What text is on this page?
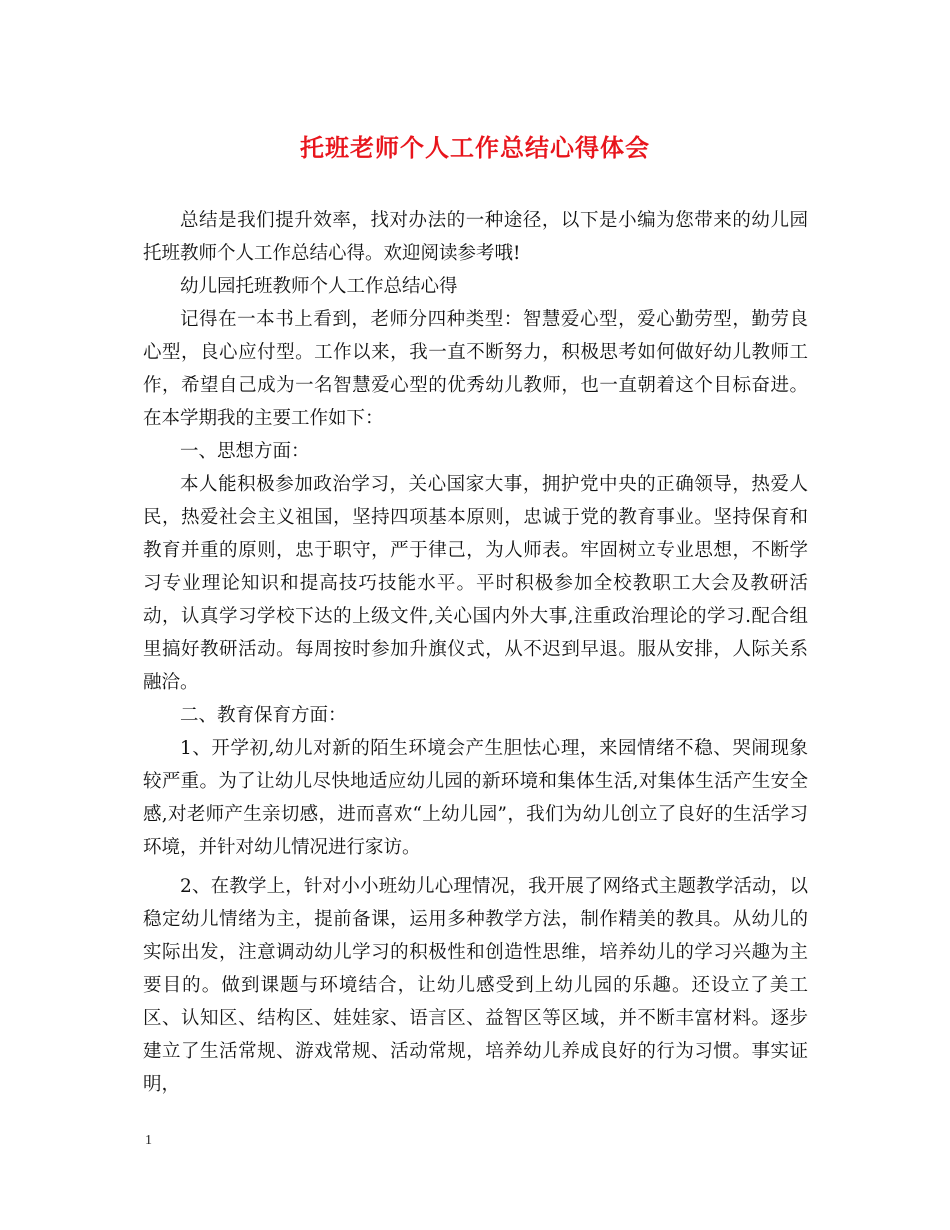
托班老师个人工作总结心得体会

总结是我们提升效率，找对办法的一种途径，以下是小编为您带来的幼儿园托班教师个人工作总结心得。欢迎阅读参考哦!

幼儿园托班教师个人工作总结心得

记得在一本书上看到，老师分四种类型：智慧爱心型，爱心勤劳型，勤劳良心型，良心应付型。工作以来，我一直不断努力，积极思考如何做好幼儿教师工作，希望自己成为一名智慧爱心型的优秀幼儿教师，也一直朝着这个目标奋进。在本学期我的主要工作如下：

一、思想方面：

本人能积极参加政治学习，关心国家大事，拥护党中央的正确领导，热爱人民，热爱社会主义祖国，坚持四项基本原则，忠诚于党的教育事业。坚持保育和教育并重的原则，忠于职守，严于律己，为人师表。牢固树立专业思想，不断学习专业理论知识和提高技巧技能水平。平时积极参加全校教职工大会及教研活动，认真学习学校下达的上级文件,关心国内外大事,注重政治理论的学习.配合组里搞好教研活动。每周按时参加升旗仪式，从不迟到早退。服从安排，人际关系融洽。

二、教育保育方面：

1、开学初,幼儿对新的陌生环境会产生胆怯心理，来园情绪不稳、哭闹现象较严重。为了让幼儿尽快地适应幼儿园的新环境和集体生活,对集体生活产生安全感,对老师产生亲切感，进而喜欢“上幼儿园”，我们为幼儿创立了良好的生活学习环境，并针对幼儿情况进行家访。

2、在教学上，针对小小班幼儿心理情况，我开展了网络式主题教学活动，以稳定幼儿情绪为主，提前备课，运用多种教学方法，制作精美的教具。从幼儿的实际出发，注意调动幼儿学习的积极性和创造性思维，培养幼儿的学习兴趣为主要目的。做到课题与环境结合，让幼儿感受到上幼儿园的乐趣。还设立了美工区、认知区、结构区、娃娃家、语言区、益智区等区域，并不断丰富材料。逐步建立了生活常规、游戏常规、活动常规，培养幼儿养成良好的行为习惯。事实证明，

1
